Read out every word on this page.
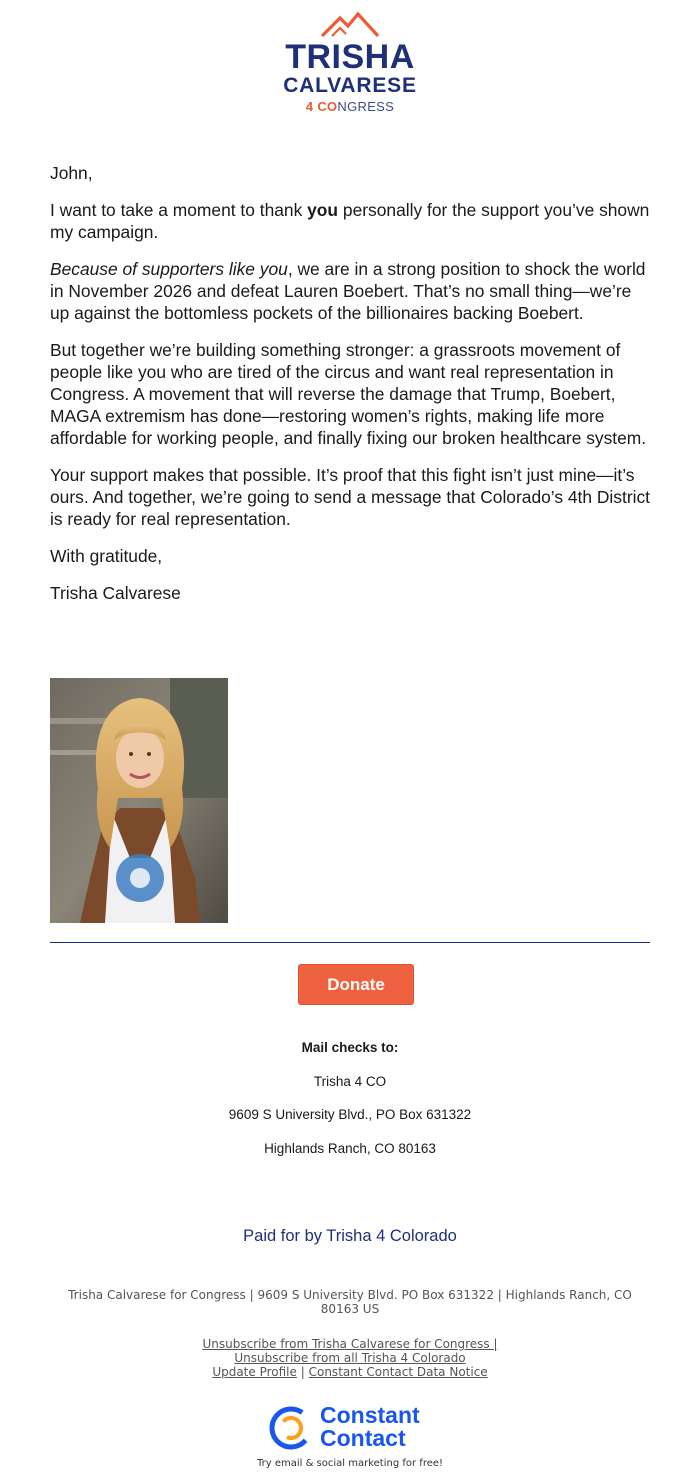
TRISHA
CALVARESE
4 CONGRESS

John,

I want to take a moment to thank you personally for the support you’ve shown my campaign.

Because of supporters like you, we are in a strong position to shock the world in November 2026 and defeat Lauren Boebert. That’s no small thing—we’re up against the bottomless pockets of the billionaires backing Boebert.

But together we’re building something stronger: a grassroots movement of people like you who are tired of the circus and want real representation in Congress. A movement that will reverse the damage that Trump, Boebert, MAGA extremism has done—restoring women’s rights, making life more affordable for working people, and finally fixing our broken healthcare system.

Your support makes that possible. It’s proof that this fight isn’t just mine—it’s ours. And together, we’re going to send a message that Colorado’s 4th District is ready for real representation.

With gratitude,

Trisha Calvarese

Donate
Mail checks to:
Trisha 4 CO
9609 S University Blvd., PO Box 631322
Highlands Ranch, CO 80163
Paid for by Trisha 4 Colorado
Trisha Calvarese for Congress | 9609 S University Blvd. PO Box 631322 | Highlands Ranch, CO 80163 US
Unsubscribe from Trisha Calvarese for Congress |
Unsubscribe from all Trisha 4 Colorado
Update Profile | Constant Contact Data Notice
Constant
Contact
Try email & social marketing for free!
